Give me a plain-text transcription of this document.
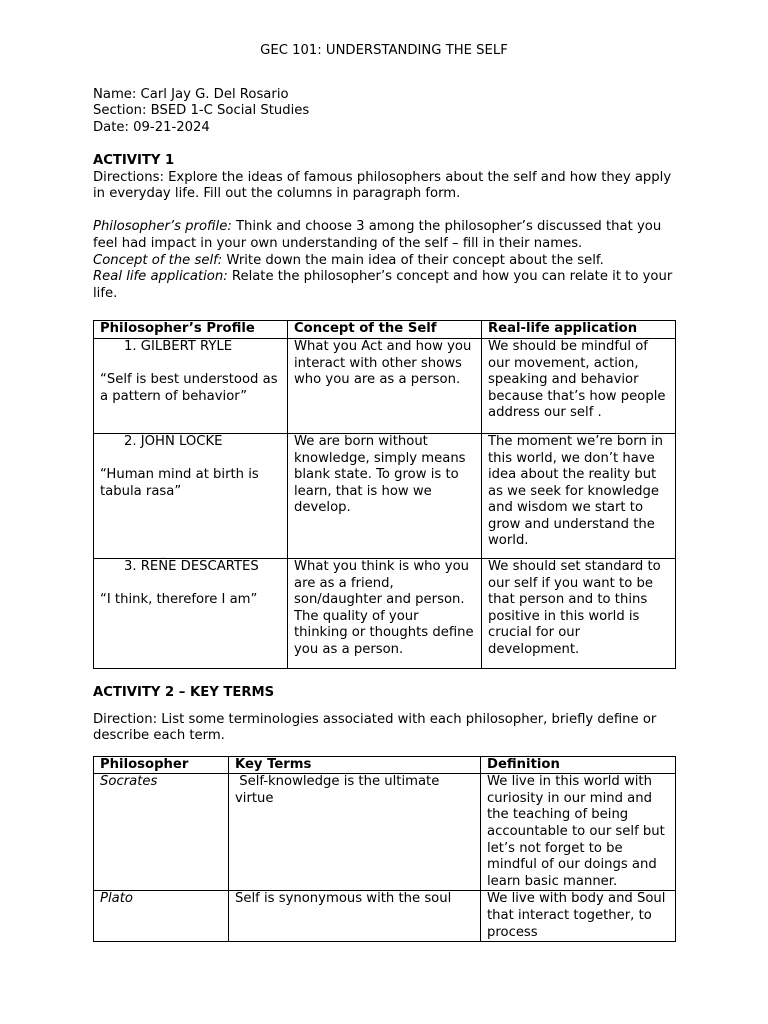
GEC 101: UNDERSTANDING THE SELF

Name: Carl Jay G. Del Rosario

Section: BSED 1-C Social Studies

Date: 09-21-2024

ACTIVITY 1

Directions: Explore the ideas of famous philosophers about the self and how they apply in everyday life. Fill out the columns in paragraph form.

Philosopher’s profile: Think and choose 3 among the philosopher’s discussed that you feel had impact in your own understanding of the self – fill in their names.

Concept of the self: Write down the main idea of their concept about the self.

Real life application: Relate the philosopher’s concept and how you can relate it to your life.

Philosopher’s Profile	Concept of the Self	Real-life application

1. GILBERT RYLE
“Self is best understood as a pattern of behavior”	What you Act and how you interact with other shows who you are as a person.	We should be mindful of our movement, action, speaking and behavior because that’s how people address our self .

2. JOHN LOCKE
“Human mind at birth is tabula rasa”	We are born without knowledge, simply means blank state. To grow is to learn, that is how we develop.	The moment we’re born in this world, we don’t have idea about the reality but as we seek for knowledge and wisdom we start to grow and understand the world.

3. REÑE DESCARTES
“I think, therefore I am”	What you think is who you are as a friend, son/daughter and person. The quality of your thinking or thoughts define you as a person.	We should set standard to our self if you want to be that person and to thins positive in this world is crucial for our development.

ACTIVITY 2 – KEY TERMS

Direction: List some terminologies associated with each philosopher, briefly define or describe each term.

Philosopher	Key Terms	Definition
Socrates	Self-knowledge is the ultimate virtue	We live in this world with curiosity in our mind and the teaching of being accountable to our self but let’s not forget to be mindful of our doings and learn basic manner.
Plato	Self is synonymous with the soul	We live with body and Soul that interact together, to process
